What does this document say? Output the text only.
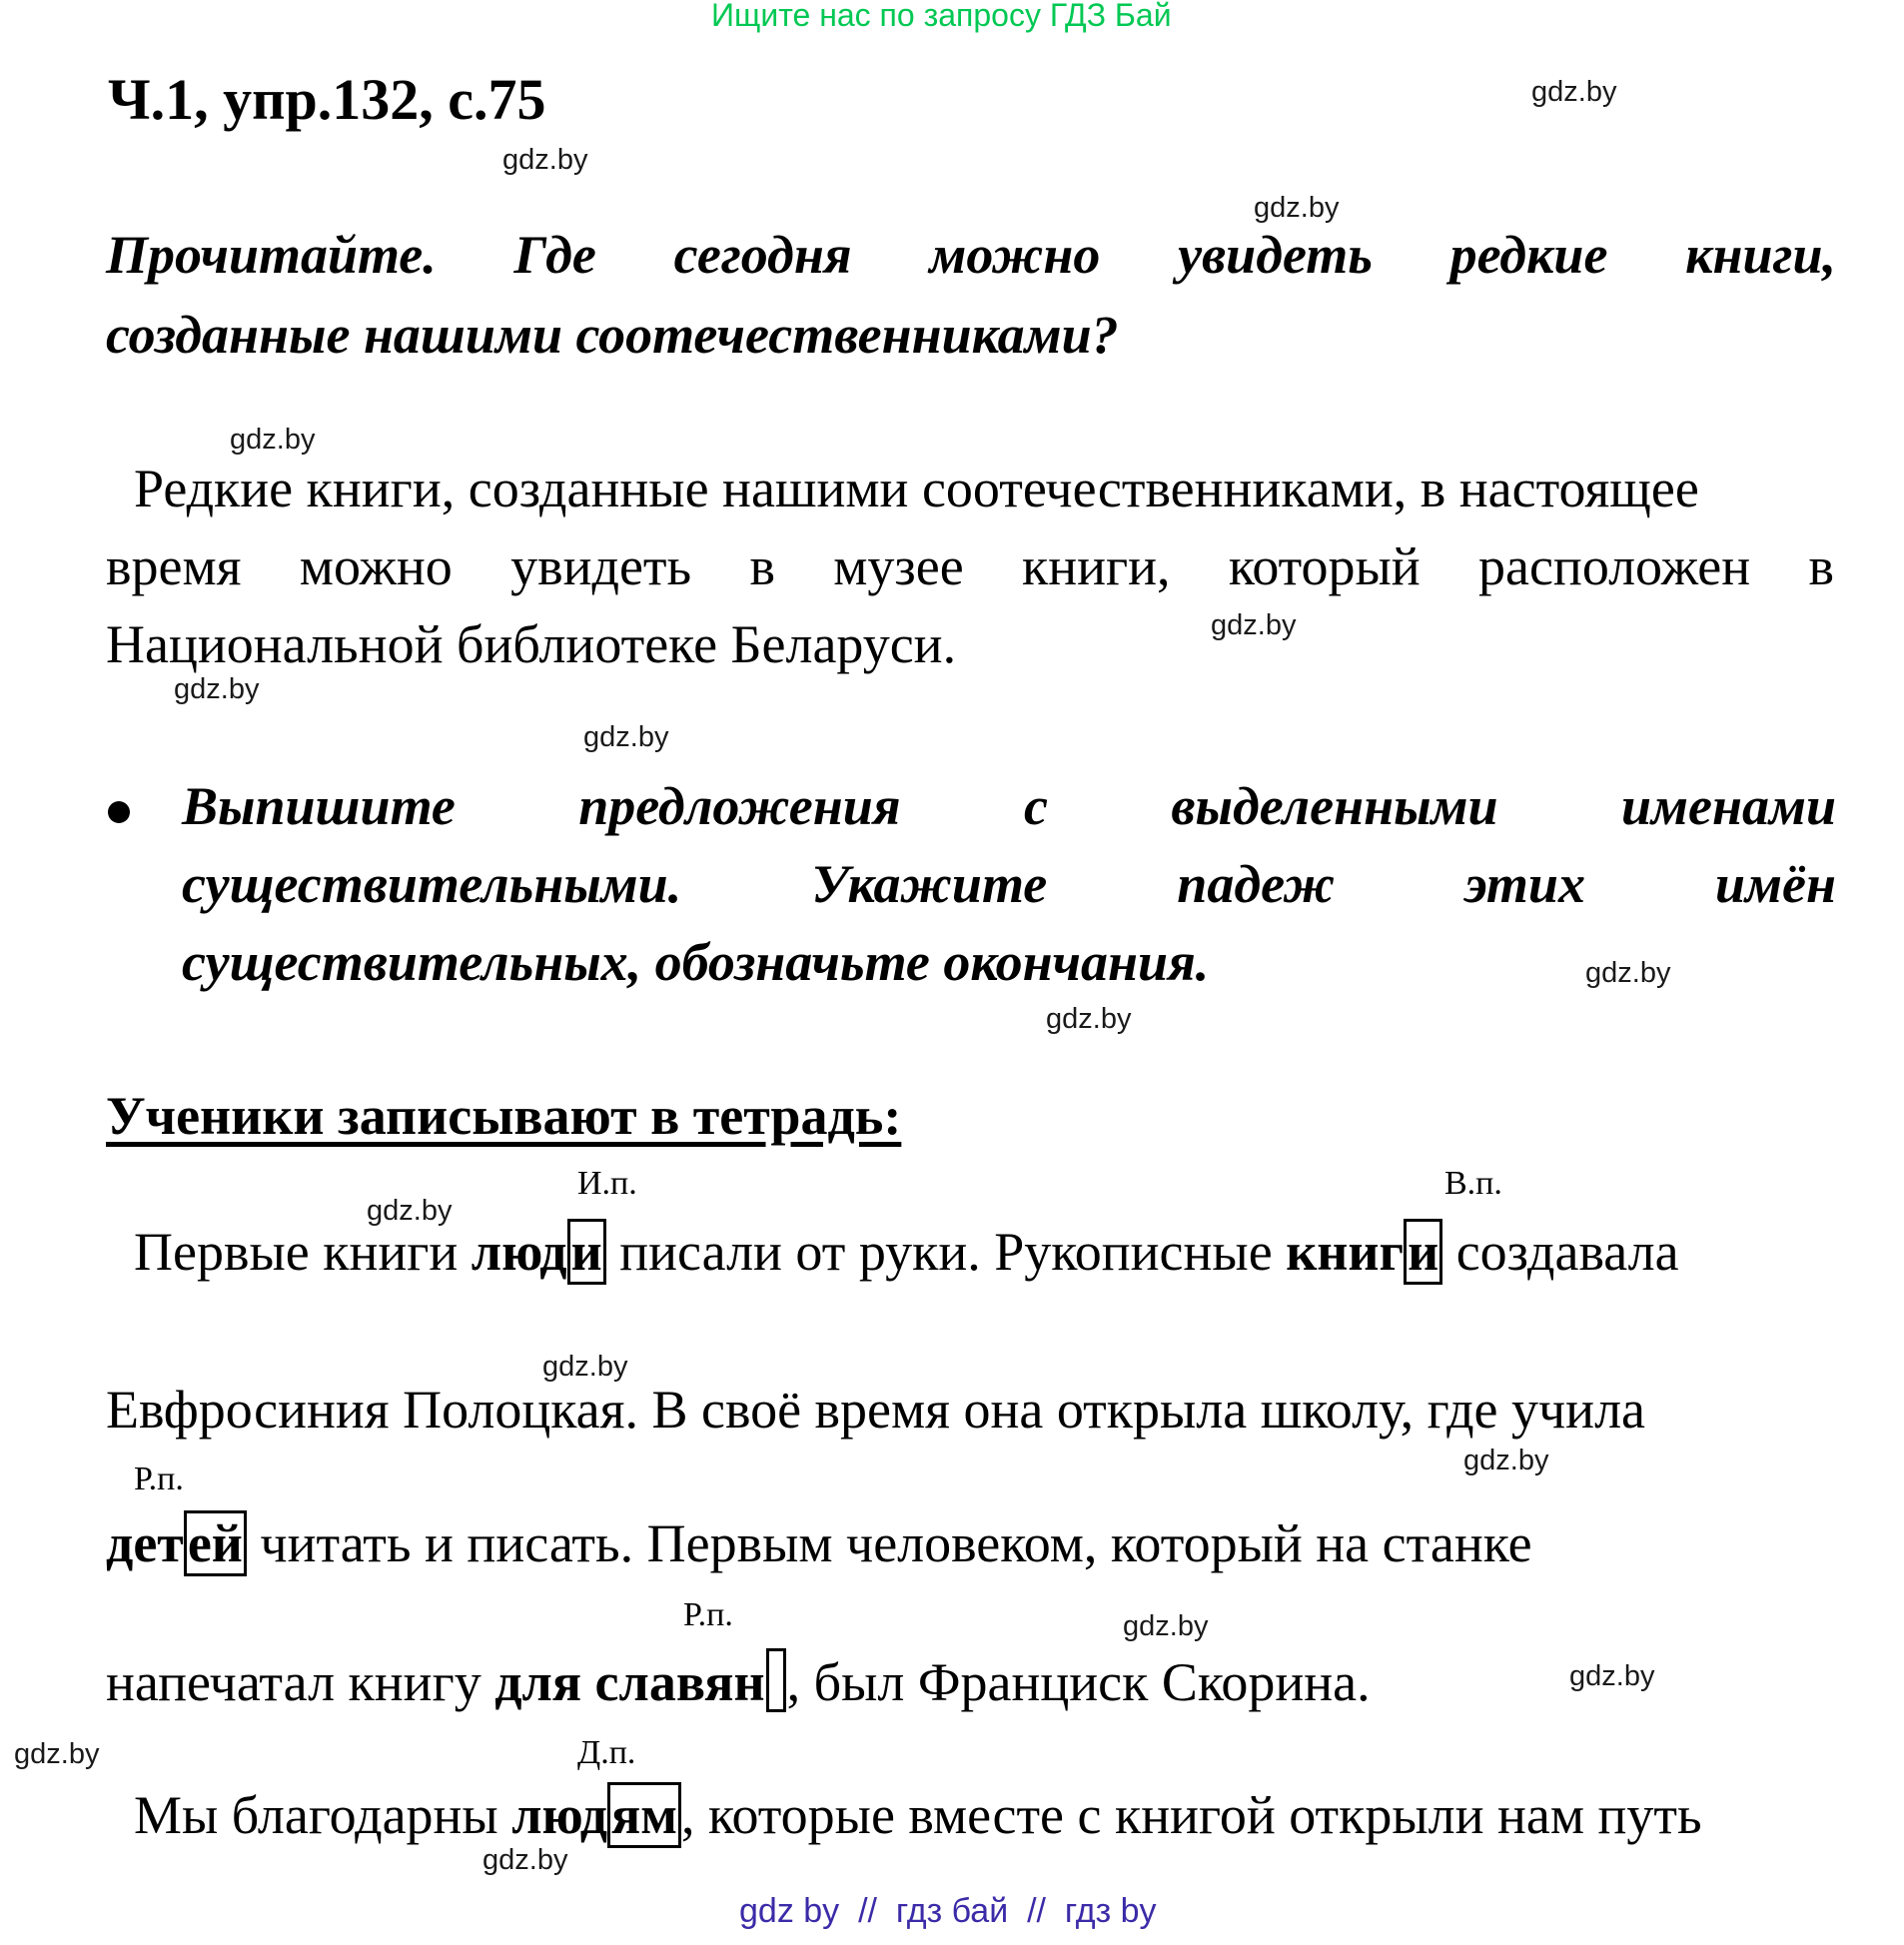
Ищите нас по запросу ГДЗ Бай
Ч.1, упр.132, с.75
Прочитайте. Где сегодня можно увидеть редкие книги,
созданные нашими соотечественниками?
Редкие книги, созданные нашими соотечественниками, в настоящее
время можно увидеть в музее книги, который расположен в
Национальной библиотеке Беларуси.
Выпишите предложения с выделенными именами
существительными. Укажите падеж этих имён
существительных, обозначьте окончания.
Ученики записывают в тетрадь:
И.п.	В.п.
Р.п.
Р.п.
Д.п.
Первые книги люди писали от руки. Рукописные книги создавала
Евфросиния Полоцкая. В своё время она открыла школу, где учила
детей читать и писать. Первым человеком, который на станке
напечатал книгу для славян , был Франциск Скорина.
Мы благодарны людям, которые вместе с книгой открыли нам путь
gdz.by
gdz.by
gdz.by
gdz.by
gdz.by
gdz.by
gdz.by
gdz.by
gdz.by
gdz.by
gdz.by
gdz.by
gdz.by
gdz.by
gdz.by
gdz.by
gdz by  //  гдз бай  //  гдз by
